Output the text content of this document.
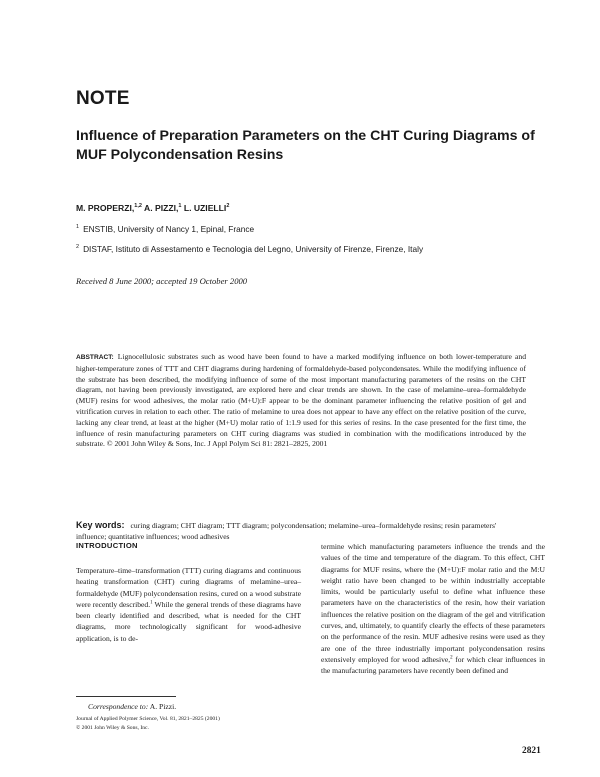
NOTE
Influence of Preparation Parameters on the CHT Curing Diagrams of MUF Polycondensation Resins
M. PROPERZI,$^{1,2}$ A. PIZZI,$^1$ L. UZIELLI$^2$
$^1$ ENSTIB, University of Nancy 1, Epinal, France
$^2$ DISTAF, Istituto di Assestamento e Tecnologia del Legno, University of Firenze, Firenze, Italy
Received 8 June 2000; accepted 19 October 2000
ABSTRACT: Lignocellulosic substrates such as wood have been found to have a marked modifying influence on both lower-temperature and higher-temperature zones of TTT and CHT diagrams during hardening of formaldehyde-based polycondensates. While the modifying influence of the substrate has been described, the modifying influence of some of the most important manufacturing parameters of the resins on the CHT diagram, not having been previously investigated, are explored here and clear trends are shown. In the case of melamine–urea–formaldehyde (MUF) resins for wood adhesives, the molar ratio (M+U):F appear to be the dominant parameter influencing the relative position of gel and vitrification curves in relation to each other. The ratio of melamine to urea does not appear to have any effect on the relative position of the curve, lacking any clear trend, at least at the higher (M+U) molar ratio of 1:1.9 used for this series of resins. In the case presented for the first time, the influence of resin manufacturing parameters on CHT curing diagrams was studied in combination with the modifications introduced by the substrate. © 2001 John Wiley & Sons, Inc. J Appl Polym Sci 81: 2821–2825, 2001
Key words: curing diagram; CHT diagram; TTT diagram; polycondensation; melamine–urea–formaldehyde resins; resin parameters' influence; quantitative influences; wood adhesives
INTRODUCTION
Temperature–time–transformation (TTT) curing diagrams and continuous heating transformation (CHT) curing diagrams of melamine–urea–formaldehyde (MUF) polycondensation resins, cured on a wood substrate were recently described.$^1$ While the general trends of these diagrams have been clearly identified and described, what is needed for the CHT diagrams, more technologically significant for wood-adhesive application, is to de-
termine which manufacturing parameters influence the trends and the values of the time and temperature of the diagram. To this effect, CHT diagrams for MUF resins, where the (M+U):F molar ratio and the M:U weight ratio have been changed to be within industrially acceptable limits, would be particularly useful to define what influence these parameters have on the characteristics of the resin, how their variation influences the relative position on the diagram of the gel and vitrification curves, and, ultimately, to quantify clearly the effects of these parameters on the performance of the resin. MUF adhesive resins were used as they are one of the three industrially important polycondensation resins extensively employed for wood adhesive,$^2$ for which clear influences in the manufacturing parameters have recently been defined and
Correspondence to: A. Pizzi.
Journal of Applied Polymer Science, Vol. 81, 2821–2825 (2001)
© 2001 John Wiley & Sons, Inc.
2821
